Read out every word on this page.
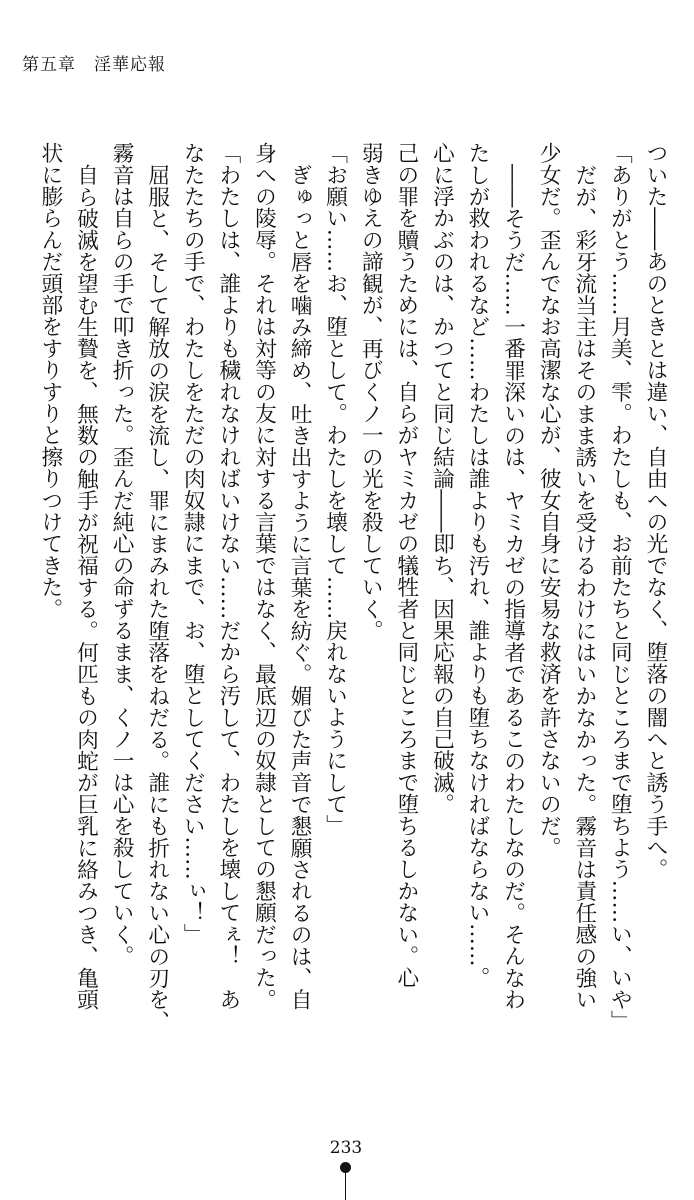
第五章　淫華応報
ついた――あのときとは違い、自由への光でなく、堕落の闇へと誘う手へ。
「ありがとう……月美、雫。わたしも、お前たちと同じところまで堕ちよう……い、いや」
だが、彩牙流当主はそのまま誘いを受けるわけにはいかなかった。霧音は責任感の強い
少女だ。歪んでなお高潔な心が、彼女自身に安易な救済を許さないのだ。
――そうだ……一番罪深いのは、ヤミカゼの指導者であるこのわたしなのだ。そんなわ
たしが救われるなど……わたしは誰よりも汚れ、誰よりも堕ちなければならない……。
心に浮かぶのは、かつてと同じ結論――即ち、因果応報の自己破滅。
己の罪を贖うためには、自らがヤミカゼの犠牲者と同じところまで堕ちるしかない。心
弱きゆえの諦観が、再びくノ一の光を殺していく。
「お願い……お、堕として。わたしを壊して……戻れないようにして」
ぎゅっと唇を噛み締め、吐き出すように言葉を紡ぐ。媚びた声音で懇願されるのは、自
身への陵辱。それは対等の友に対する言葉ではなく、最底辺の奴隷としての懇願だった。
「わたしは、誰よりも穢れなければいけない……だから汚して、わたしを壊してぇ！　あ
なたたちの手で、わたしをただの肉奴隷にまで、お、堕としてください……ぃ！」
屈服と、そして解放の涙を流し、罪にまみれた堕落をねだる。誰にも折れない心の刃を、
霧音は自らの手で叩き折った。歪んだ純心の命ずるまま、くノ一は心を殺していく。
自ら破滅を望む生贄を、無数の触手が祝福する。何匹もの肉蛇が巨乳に絡みつき、亀頭
状に膨らんだ頭部をすりすりと擦りつけてきた。
233
